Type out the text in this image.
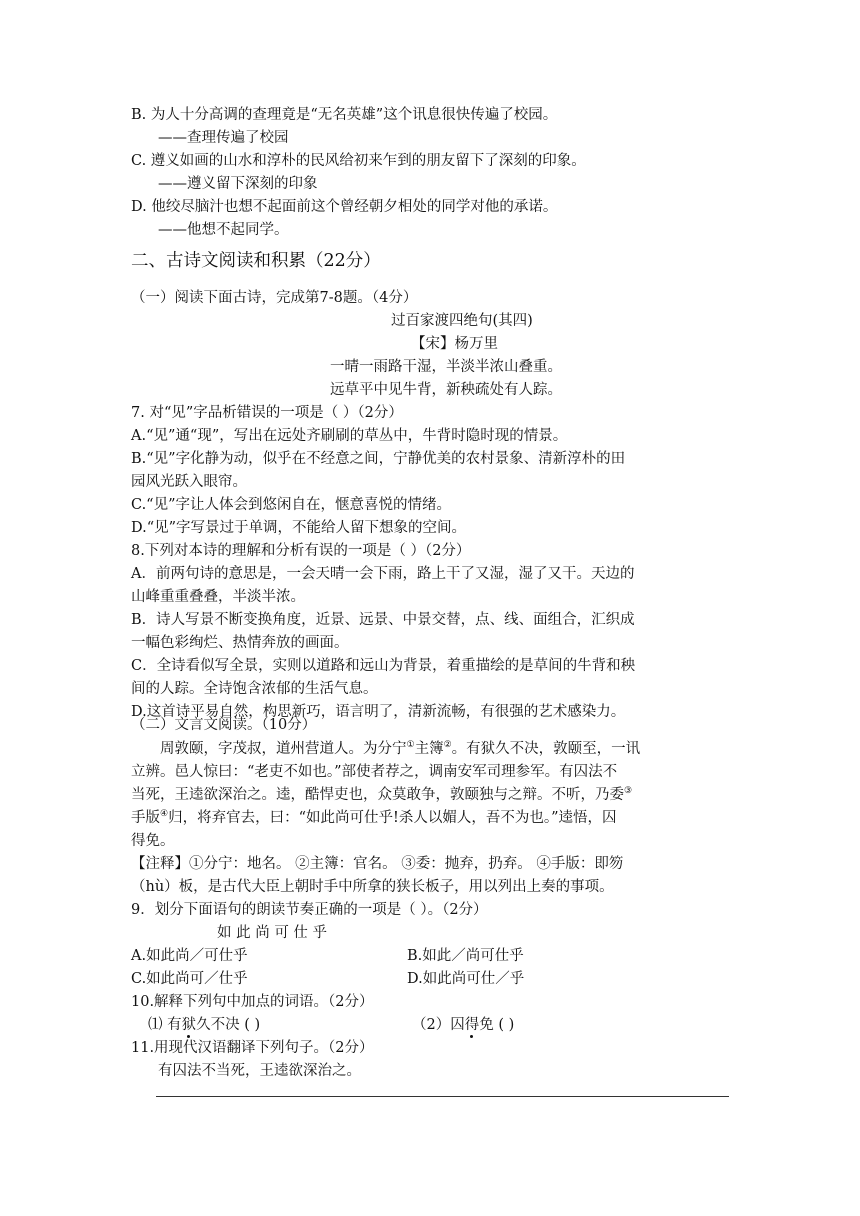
B. 为人十分高调的查理竟是“无名英雄”这个讯息很快传遍了校园。
——查理传遍了校园
C. 遵义如画的山水和淳朴的民风给初来乍到的朋友留下了深刻的印象。
——遵义留下深刻的印象
D. 他绞尽脑汁也想不起面前这个曾经朝夕相处的同学对他的承诺。
——他想不起同学。
二、古诗文阅读和积累（22分）
（一）阅读下面古诗，完成第7-8题。（4分）
过百家渡四绝句(其四)
【宋】杨万里
一晴一雨路干湿，半淡半浓山叠重。
远草平中见牛背，新秧疏处有人踪。
7. 对“见”字品析错误的一项是（ ）（2分）
A.“见”通“现”，写出在远处齐刷刷的草丛中，牛背时隐时现的情景。
B.“见”字化静为动，似乎在不经意之间，宁静优美的农村景象、清新淳朴的田
园风光跃入眼帘。
C.“见”字让人体会到悠闲自在，惬意喜悦的情绪。
D.“见”字写景过于单调，不能给人留下想象的空间。
8.下列对本诗的理解和分析有误的一项是（ ）（2分）
A．前两句诗的意思是，一会天晴一会下雨，路上干了又湿，湿了又干。天边的
山峰重重叠叠，半淡半浓。
B．诗人写景不断变换角度，近景、远景、中景交替，点、线、面组合，汇织成
一幅色彩绚烂、热情奔放的画面。
C．全诗看似写全景，实则以道路和远山为背景，着重描绘的是草间的牛背和秧
间的人踪。全诗饱含浓郁的生活气息。
D.这首诗平易自然，构思新巧，语言明了，清新流畅，有很强的艺术感染力。
（二）文言文阅读。（10分）
周敦颐，字茂叔，道州营道人。为分宁①主簿②。有狱久不决，敦颐至，一讯
立辨。邑人惊曰：“老吏不如也。”部使者荐之，调南安军司理参军。有囚法不
当死，王逵欲深治之。逵，酷悍吏也，众莫敢争，敦颐独与之辩。不听，乃委③
手版④归，将弃官去，曰：“如此尚可仕乎!杀人以媚人，吾不为也。”逵悟，囚
得免。
【注释】①分宁：地名。 ②主簿：官名。 ③委：抛弃，扔弃。 ④手版：即笏
（hù）板，是古代大臣上朝时手中所拿的狭长板子，用以列出上奏的事项。
9．划分下面语句的朗读节奏正确的一项是（ ）。（2分）
如 此 尚 可 仕 乎
A.如此尚／可仕乎	B.如此／尚可仕乎
C.如此尚可／仕乎	D.如此尚可仕／乎
10.解释下列句中加点的词语。（2分）
⑴ 有狱久不决 ( )	（2）囚得免 ( )
11.用现代汉语翻译下列句子。（2分）
有囚法不当死，王逵欲深治之。
